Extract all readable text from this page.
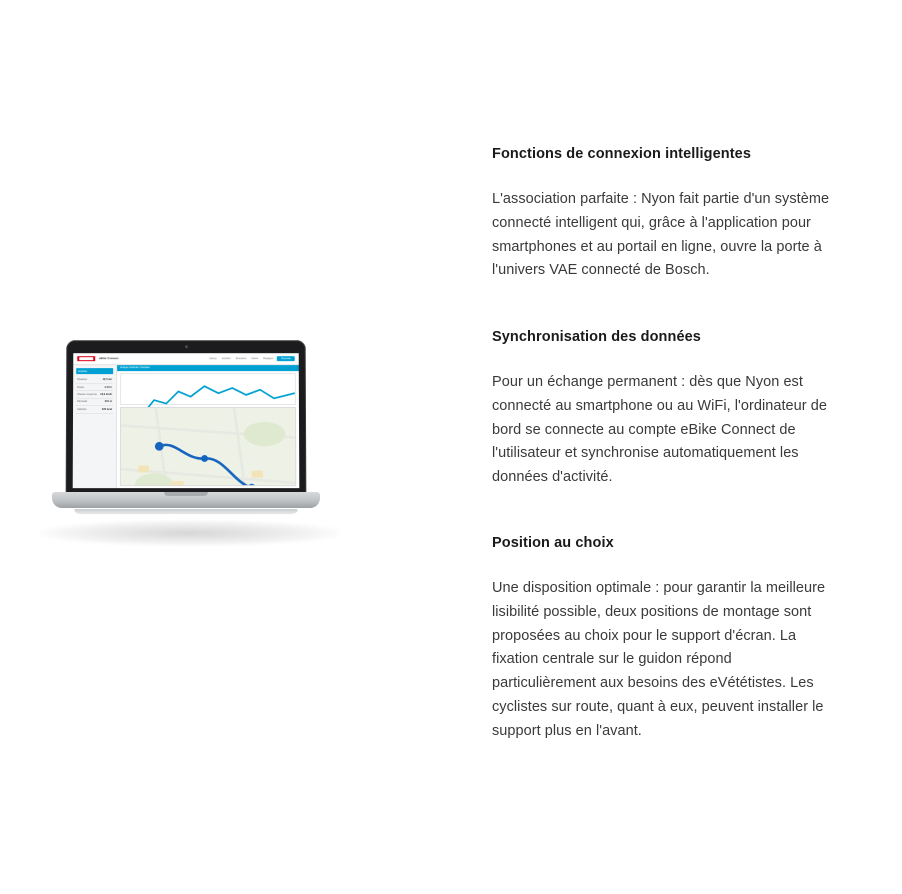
eBike Connect	Aperçu Activités Itinéraires Cartes Réglages	Nouveau
Activités
Distance	42,5 km
Durée	2:15 h
Vitesse moyenne 18,9 km/h
Dénivelé	310 m
Calories	620 kcal
Analyse d'activité / Itinéraire
Fonctions de connexion intelligentes

L'association parfaite : Nyon fait partie d'un système connecté intelligent qui, grâce à l'application pour smartphones et au portail en ligne, ouvre la porte à l'univers VAE connecté de Bosch.

Synchronisation des données

Pour un échange permanent : dès que Nyon est connecté au smartphone ou au WiFi, l'ordinateur de bord se connecte au compte eBike Connect de l'utilisateur et synchronise automatiquement les données d'activité.

Position au choix

Une disposition optimale : pour garantir la meilleure lisibilité possible, deux positions de montage sont proposées au choix pour le support d'écran. La fixation centrale sur le guidon répond particulièrement aux besoins des eVététistes. Les cyclistes sur route, quant à eux, peuvent installer le support plus en l'avant.
